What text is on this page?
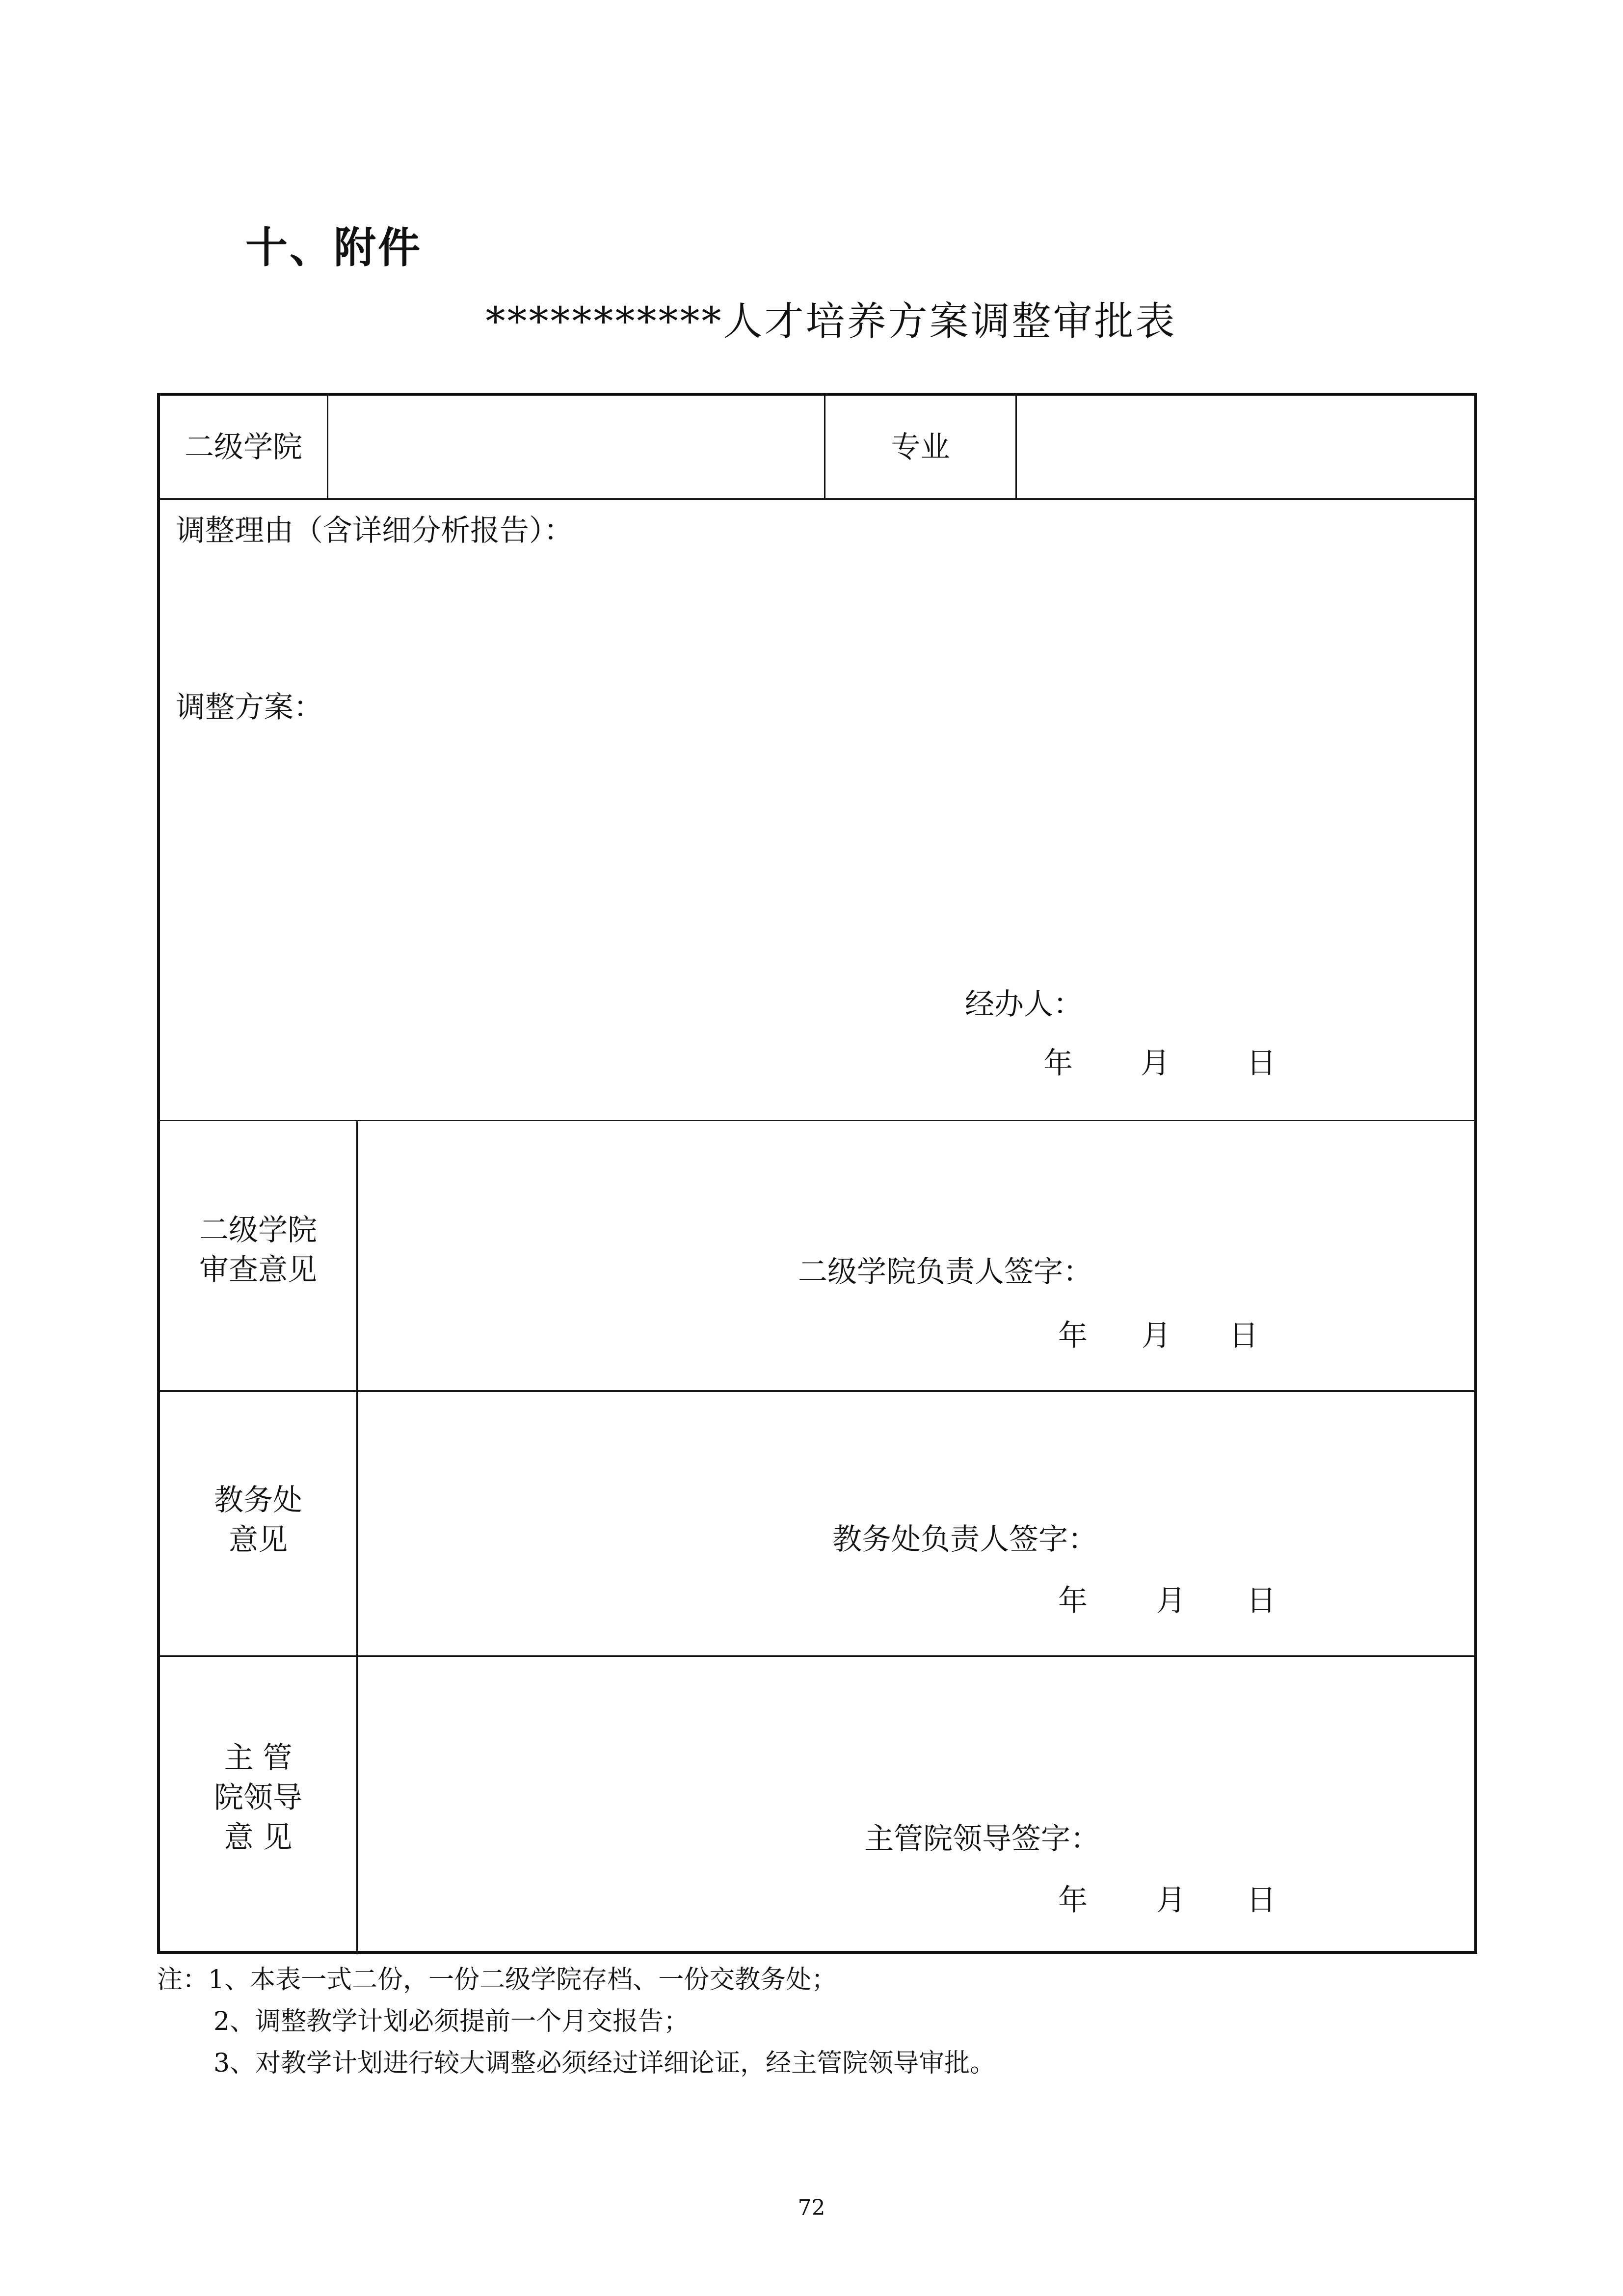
十、附件
***********人才培养方案调整审批表
二级学院	专业
调整理由（含详细分析报告）：
调整方案：
经办人：
年 月	日
二级学院
审查意见	二级学院负责人签字：
年 月 日
教务处
意见	教务处负责人签字：
年 月 日
主 管
院领导
意 见	主管院领导签字：
年 月 日
注：1、本表一式二份，一份二级学院存档、一份交教务处；
2、调整教学计划必须提前一个月交报告；
3、对教学计划进行较大调整必须经过详细论证，经主管院领导审批。
72
